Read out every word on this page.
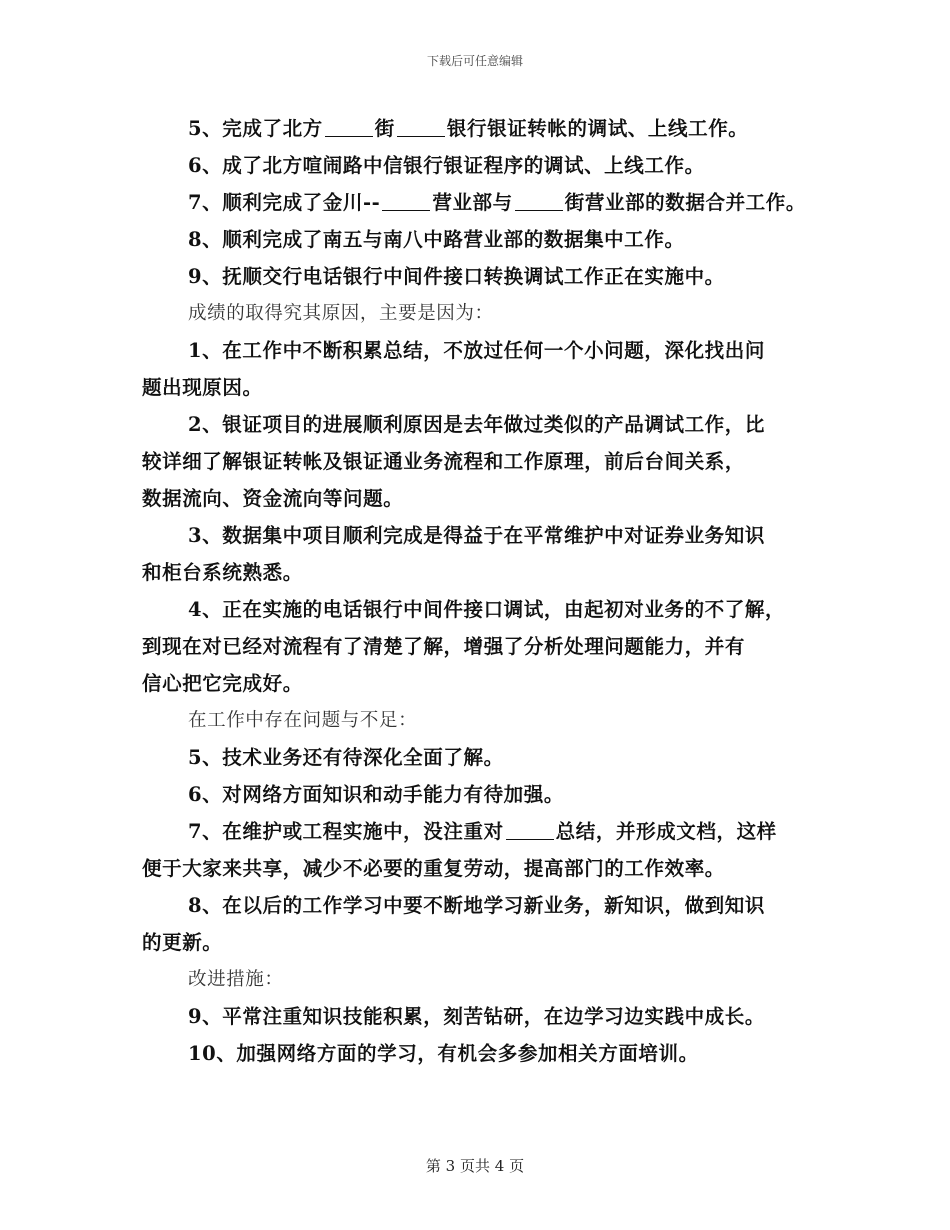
下载后可任意编辑
5、完成了北方	街	银行银证转帐的调试、上线工作。
6、成了北方喧闹路中信银行银证程序的调试、上线工作。
7、顺利完成了金川--	营业部与	街营业部的数据合并工作。
8、顺利完成了南五与南八中路营业部的数据集中工作。
9、抚顺交行电话银行中间件接口转换调试工作正在实施中。
成绩的取得究其原因，主要是因为：
1、在工作中不断积累总结，不放过任何一个小问题，深化找出问
题出现原因。
2、银证项目的进展顺利原因是去年做过类似的产品调试工作，比
较详细了解银证转帐及银证通业务流程和工作原理，前后台间关系，
数据流向、资金流向等问题。
3、数据集中项目顺利完成是得益于在平常维护中对证券业务知识
和柜台系统熟悉。
4、正在实施的电话银行中间件接口调试，由起初对业务的不了解，
到现在对已经对流程有了清楚了解，增强了分析处理问题能力，并有
信心把它完成好。
在工作中存在问题与不足：
5、技术业务还有待深化全面了解。
6、对网络方面知识和动手能力有待加强。
7、在维护或工程实施中，没注重对	总结，并形成文档，这样
便于大家来共享，减少不必要的重复劳动，提高部门的工作效率。
8、在以后的工作学习中要不断地学习新业务，新知识，做到知识
的更新。
改进措施：
9、平常注重知识技能积累，刻苦钻研，在边学习边实践中成长。
10、加强网络方面的学习，有机会多参加相关方面培训。
第 3 页共 4 页
